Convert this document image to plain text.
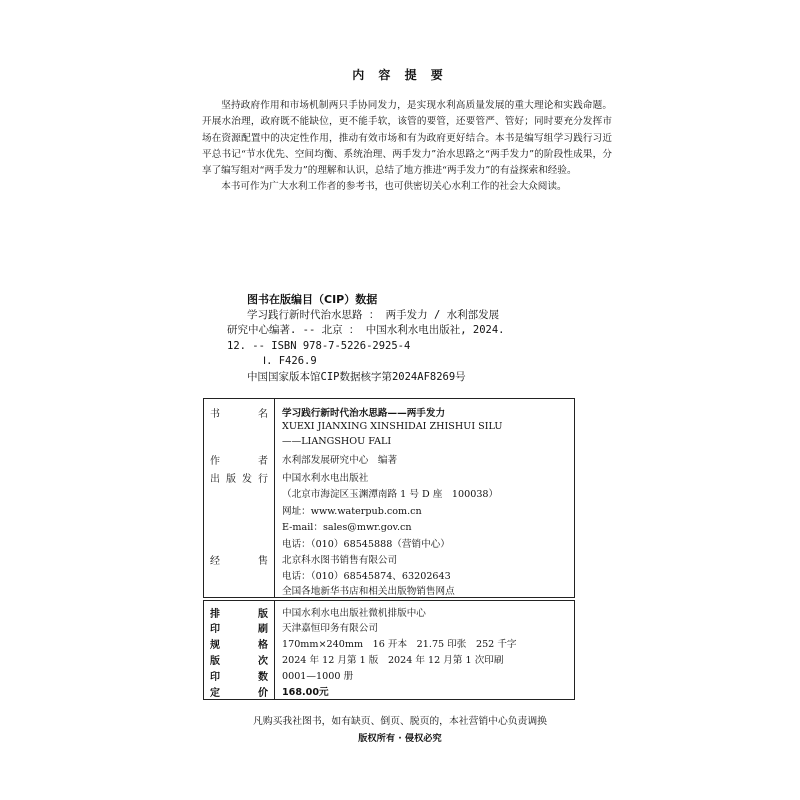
内 容 提 要

坚持政府作用和市场机制两只手协同发力，是实现水利高质量发展的重大理论和实践命题。开展水治理，政府既不能缺位，更不能手软，该管的要管，还要管严、管好；同时要充分发挥市场在资源配置中的决定性作用，推动有效市场和有为政府更好结合。本书是编写组学习践行习近平总书记“节水优先、空间均衡、系统治理、两手发力”治水思路之“两手发力”的阶段性成果，分享了编写组对“两手发力”的理解和认识，总结了地方推进“两手发力”的有益探索和经验。

本书可作为广大水利工作者的参考书，也可供密切关心水利工作的社会大众阅读。

图书在版编目（CIP）数据
学习践行新时代治水思路 ： 两手发力 / 水利部发展
研究中心编著. -- 北京 ： 中国水利水电出版社, 2024.
12. -- ISBN 978-7-5226-2925-4
Ⅰ. F426.9
中国国家版本馆CIP数据核字第2024AF8269号
书 名 学习践行新时代治水思路——两手发力
XUEXI JIANXING XINSHIDAI ZHISHUI SILU
——LIANGSHOU FALI
作 者 水利部发展研究中心　编著
出版发行 中国水利水电出版社
（北京市海淀区玉渊潭南路 1 号 D 座　100038）
网址：www.waterpub.com.cn
E-mail：sales@mwr.gov.cn
电话：（010）68545888（营销中心）
经 售 北京科水图书销售有限公司
电话：（010）68545874、63202643
全国各地新华书店和相关出版物销售网点
排 版 中国水利水电出版社微机排版中心
印 刷 天津嘉恒印务有限公司
规 格 170mm×240mm　16 开本　21.75 印张　252 千字
版 次 2024 年 12 月第 1 版　2024 年 12 月第 1 次印刷
印 数 0001—1000 册
定 价 168.00元
凡购买我社图书，如有缺页、倒页、脱页的，本社营销中心负责调换
版权所有 · 侵权必究
